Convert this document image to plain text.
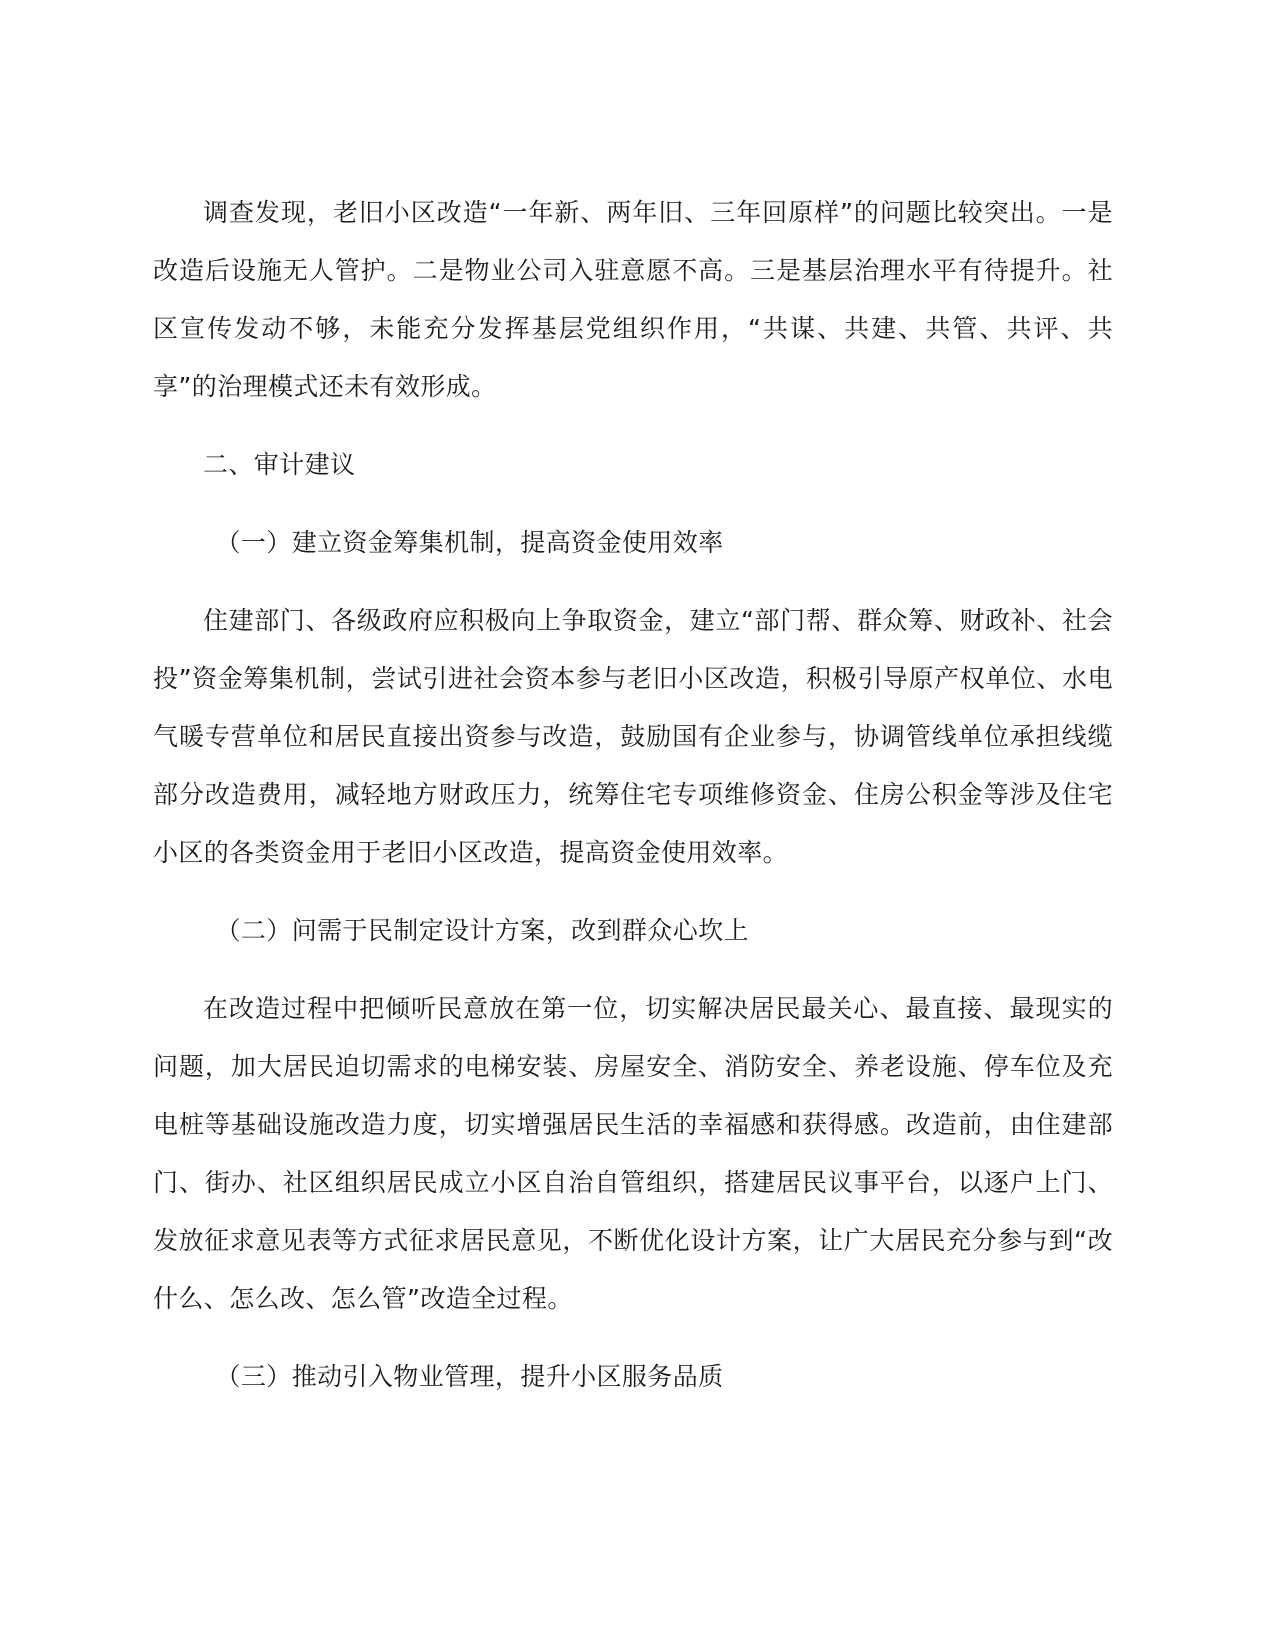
调查发现，老旧小区改造“一年新、两年旧、三年回原样”的问题比较突出。一是改造后设施无人管护。二是物业公司入驻意愿不高。三是基层治理水平有待提升。社区宣传发动不够，未能充分发挥基层党组织作用，“共谋、共建、共管、共评、共享”的治理模式还未有效形成。

二、审计建议

（一）建立资金筹集机制，提高资金使用效率

住建部门、各级政府应积极向上争取资金，建立“部门帮、群众筹、财政补、社会投”资金筹集机制，尝试引进社会资本参与老旧小区改造，积极引导原产权单位、水电气暖专营单位和居民直接出资参与改造，鼓励国有企业参与，协调管线单位承担线缆部分改造费用，减轻地方财政压力，统筹住宅专项维修资金、住房公积金等涉及住宅小区的各类资金用于老旧小区改造，提高资金使用效率。

（二）问需于民制定设计方案，改到群众心坎上

在改造过程中把倾听民意放在第一位，切实解决居民最关心、最直接、最现实的问题，加大居民迫切需求的电梯安装、房屋安全、消防安全、养老设施、停车位及充电桩等基础设施改造力度，切实增强居民生活的幸福感和获得感。改造前，由住建部门、街办、社区组织居民成立小区自治自管组织，搭建居民议事平台，以逐户上门、发放征求意见表等方式征求居民意见，不断优化设计方案，让广大居民充分参与到“改什么、怎么改、怎么管”改造全过程。

（三）推动引入物业管理，提升小区服务品质
